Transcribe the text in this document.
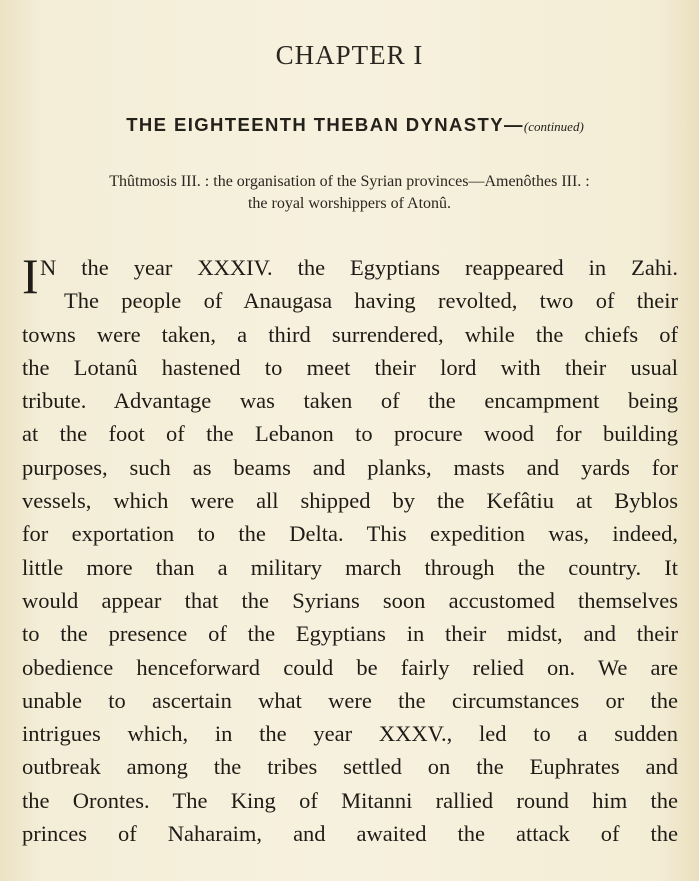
CHAPTER I
THE EIGHTEENTH THEBAN DYNASTY—(continued)
Thûtmosis III. : the organisation of the Syrian provinces—Amenôthes III. :
the royal worshippers of Atonû.
I N the year XXXIV. the Egyptians reappeared in Zahi.
The people of Anaugasa having revolted, two of their
towns were taken, a third surrendered, while the chiefs of
the Lotanû hastened to meet their lord with their usual
tribute. Advantage was taken of the encampment being
at the foot of the Lebanon to procure wood for building
purposes, such as beams and planks, masts and yards for
vessels, which were all shipped by the Kefâtiu at Byblos
for exportation to the Delta. This expedition was, indeed,
little more than a military march through the country. It
would appear that the Syrians soon accustomed themselves
to the presence of the Egyptians in their midst, and their
obedience henceforward could be fairly relied on. We are
unable to ascertain what were the circumstances or the
intrigues which, in the year XXXV., led to a sudden
outbreak among the tribes settled on the Euphrates and
the Orontes. The King of Mitanni rallied round him the
princes of Naharaim, and awaited the attack of the
